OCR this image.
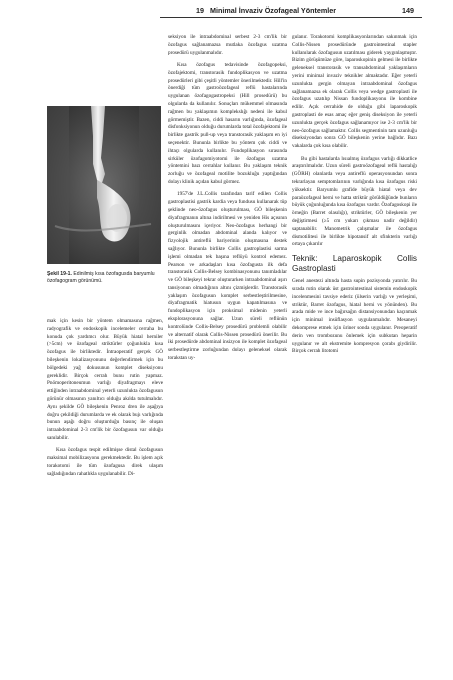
19 Minimal İnvaziv Özofageal Yöntemler	149
Şekil 19-1. Edinilmiş kısa özofagusda baryumlu özofagogram görünümü.

mak için kesin bir yöntem olmamasına rağmen, radyografik ve endoskopik incelemeler cerraha bu konuda çok yardımcı olur. Büyük hiatal herniler (>5cm) ve özofageal striktürler çoğunlukla kısa özofagus ile birliktedir. İntraoperatif gerçek GÖ bileşkenin lokalizasyonunu değerlendirmek için bu bölgedeki yağ dokusunun komplet diseksiyonu gereklidir. Birçok cerrah bunu rutin yapmaz. Pnömoperitoneumun varlığı diyafragmayı eleve ettiğinden intraabdominal yeterli uzunlukta özofagusun görünür olmasının yanıltıcı olduğu akılda tutulmalıdır. Aynı şekilde GÖ bileşkenin Penroz dren ile aşağıya doğru çekildiği durumlarda ve ek olarak bujı varlığında bunun aşağı doğru oluşturduğu basınç ile oluşan intraabdominal 2-3 cm'lik bir özofagusun var olduğu sanılabilir.

Kısa özofagus tespit edilmişse distal özofagusun maksimal mobilizasyonu gerekmektedir. Bu işlem açık torakotomi ile tüm özofagusa direk ulaşım sağladığından rahatlıkla uygulanabilir. Di-

seksiyon ile intraabdominal serbest 2-3 cm'lik bir özofagus sağlanamazsa mutlaka özofagus uzatma prosedürü uygulanmalıdır.

Kısa özofagus tedavisinde özofagopeksi, özofajektomi, transtorasik fundoplikasyon ve uzatma prosedürleri gibi çeşitli yöntemler önerilmektedir. Hill'in önerdiği tüm gastroözofageal reflü hastalarında uygulanan özofagogastropeksi (Hill prosedürü) bu olgularda da kullanılır. Sonuçları mükemmel olmasında rağmen bu yaklaşımın komplekslığı nedeni ile kabul görmemiştir. Bazen, ciddi hasarın varlığında, özofageal disfonksiyonun olduğu durumlarda total özofajektomi ile birlikte gastrik pull-up veya transtorasik yaklaşım en iyi seçenektir. Bununla birlikte bu yöntem çok ciddi ve ihtaçı olgularda kullanılır. Fundoplikasyon sırasında sirküler özofagomiyotomi ile özofagus uzatma yöntemini bazı cerrahlar kullanır. Bu yaklaşım teknik zorluğu ve özofageal motilite bozukluğu yaptığından dolayı klinik açıdan kabul görmez.

1957'de J.L.Collis tarafından tarif edilen Collis gastroplastisi gastrik kardia veya fundusu kullanarak tüp şeklinde neo-özofagus oluşturulması, GÖ bileşkenin diyafragmanın altına indirilmesi ve yeniden His açısının oluşturulmasını içeriyor. Neo-özofagus herhangi bir gerginlik olmadan abdominal alanda kalıyor ve fizyolojik antireflü bariyerinin oluşmasına destek sağlıyor. Bununla birlikte Collis gastroplastisi sarma işlemi olmadan tek başına reflüyü kontrol edemez. Pearson ve arkadaşları kısa özofagusta ilk defa transtorasik Collis-Belsey kombinasyonunu tanımladılar ve GÖ bileşkeyi tekrar oluşturarken intraabdominal aşırı tansiyonun olmadığının altını çizmişlerdir. Transtorasik yaklaşım özofagusun komplet serbestleştirilmesine, diyafragmatik hiatusun uygun kapatılmasına ve fundoplikasyon için proksimal midenin yeterli eksplorasyonuna sağlar. Uzun süreli reflünün kontrolünde Collis-Belsey prosedürü problemli olabilir ve alternatif olarak Collis-Nissen prosedürü önerilir. Bu iki prosedürde abdominal insizyon ile komplet özofageal serbestleştirme zorluğundan dolayı geleneksel olarak torakstan uy-

gulanır. Torakotomi komplikasyonlarından sakınmak için Collis-Nissen prosedüründe gastrointestinal stapler kullanılarak özofagusun uzatılması giderek yaygınlaşmıştır. Bizim görüşümüze göre, laparoskopinin gelmesi ile birlikte geleneksel transtorasik ve transabdominal yaklaşımların yerini minimal invaziv teknikler almaktadır. Eğer yeterli uzunlukta gergin olmayan intraabdominal özofagus sağlanamazsa ek olarak Collis veya wedge gastroplasti ile özofagus uzatılıp Nissan fundoplikasyonu ile kombine edilir. Açık cerrahide de olduğu gibi laparoskopik gastroplasti de esas amaç eğer geniş diseksiyon ile yeterli uzunlukta gerçek özofagus sağlanamıyor ise 2-3 cm'lik bir neo-özofagus sağlamaktır. Collis segmentinin tam uzunluğu diseksiyondan sonra GÖ bileşkenin yerine bağlıdır. Bazı vakalarda çok kısa olabilir.

Bu gibi hastalarda lısıalmış özofagus varlığı dikkatlice araştırılmalıdır. Uzun süreli gastroözofageal reflü hastalığı (GÖRH) olanlarda veya antireflü operasyonundan sonra tekrarlayan semptomlarının varlığında kısa özofagus riski yüksektir. Baryumlu grafide büyük hiatal veya dev paraözofageal herni ve hatta striktür görüldüğünde bunların büyük çoğunluğunda kısa özofagus vardır. Özofagoskopi ile örneğin (Barret olasılığı), striktürler, GÖ bileşkenin yer değiştirmesi (≥5 cm yukarı çıkması nadir değildir) saptanabilir. Manometrik çalışmalar ile özofagus dismotilitesi ile birlikte hipotansif alt sfinkterin varlığı ortaya çıkarılır

Teknik: Laparoskopik Collis Gastroplasti

Genel anestezi altında hasta supin pozisyonda yatırılır. Bu sırada rutin olarak üst gastrointestinal sistemin endoskopik incelenmesini tavsiye ederiz (ülserin varlığı ve yerleşimi, striktür, Barret özofagus, hiatal herni vs yönünden). Bu arada mide ve ince bağırsağın distansiyonundan kaçınmak için minimal insüflasyon uygulanmalıdır. Mesaneyi dekomprese etmek için üriner sonda uygulanır. Preoperatif derin ven trombozunu önlemek için subkutan heparin uygulanır ve alt ekstremite kompresyon çorabı giydirilir. Birçok cerrah litotomi
